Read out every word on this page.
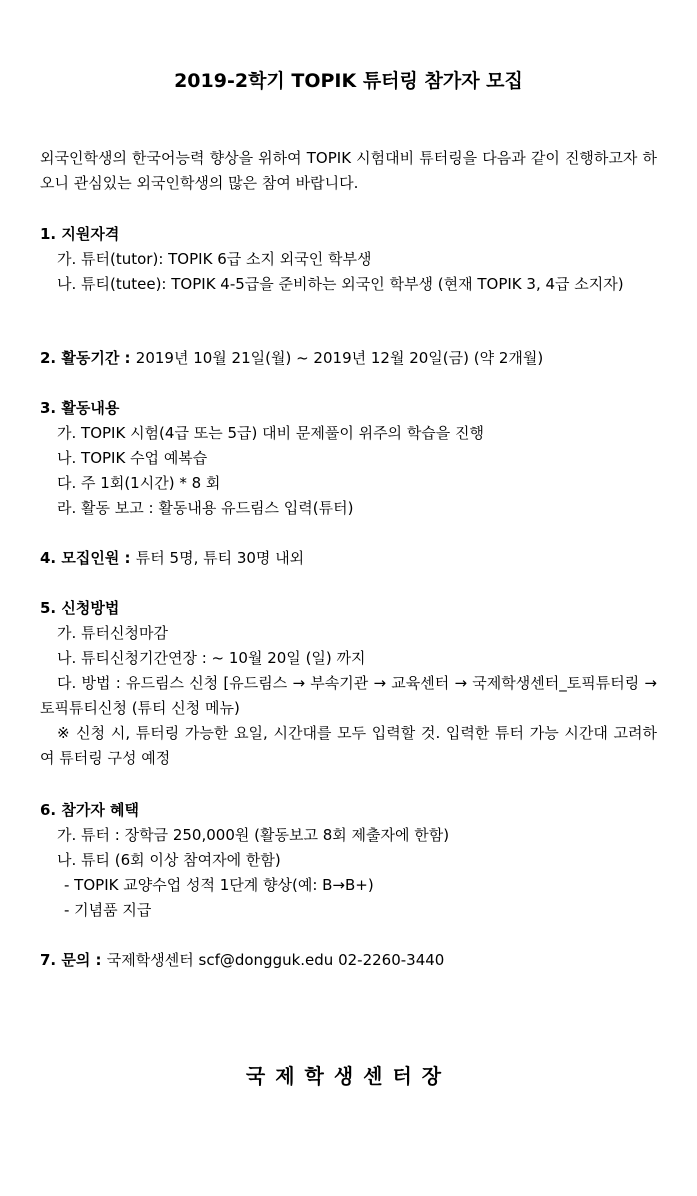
2019-2학기 TOPIK 튜터링 참가자 모집
외국인학생의 한국어능력 향상을 위하여 TOPIK 시험대비 튜터링을 다음과 같이 진행하고자 하오니 관심있는 외국인학생의 많은 참여 바랍니다.
1. 지원자격
가. 튜터(tutor): TOPIK 6급 소지 외국인 학부생
나. 튜티(tutee): TOPIK 4-5급을 준비하는 외국인 학부생 (현재 TOPIK 3, 4급 소지자)
2. 활동기간 : 2019년 10월 21일(월) ~ 2019년 12월 20일(금) (약 2개월)
3. 활동내용
가. TOPIK 시험(4급 또는 5급) 대비 문제풀이 위주의 학습을 진행
나. TOPIK 수업 예복습
다. 주 1회(1시간) * 8 회
라. 활동 보고 : 활동내용 유드림스 입력(튜터)
4. 모집인원 : 튜터 5명, 튜티 30명 내외
5. 신청방법
가. 튜터신청마감
나. 튜티신청기간연장 : ~ 10월 20일 (일) 까지
다. 방법 : 유드림스 신청 [유드림스 → 부속기관 → 교육센터 → 국제학생센터_토픽튜터링 → 토픽튜티신청 (튜티 신청 메뉴)
※ 신청 시, 튜터링 가능한 요일, 시간대를 모두 입력할 것. 입력한 튜터 가능 시간대 고려하여 튜터링 구성 예정
6. 참가자 혜택
가. 튜터 : 장학금 250,000원 (활동보고 8회 제출자에 한함)
나. 튜티 (6회 이상 참여자에 한함)
- TOPIK 교양수업 성적 1단계 향상(예: B→B+)
- 기념품 지급
7. 문의 : 국제학생센터 scf@dongguk.edu 02-2260-3440
국제학생센터장
